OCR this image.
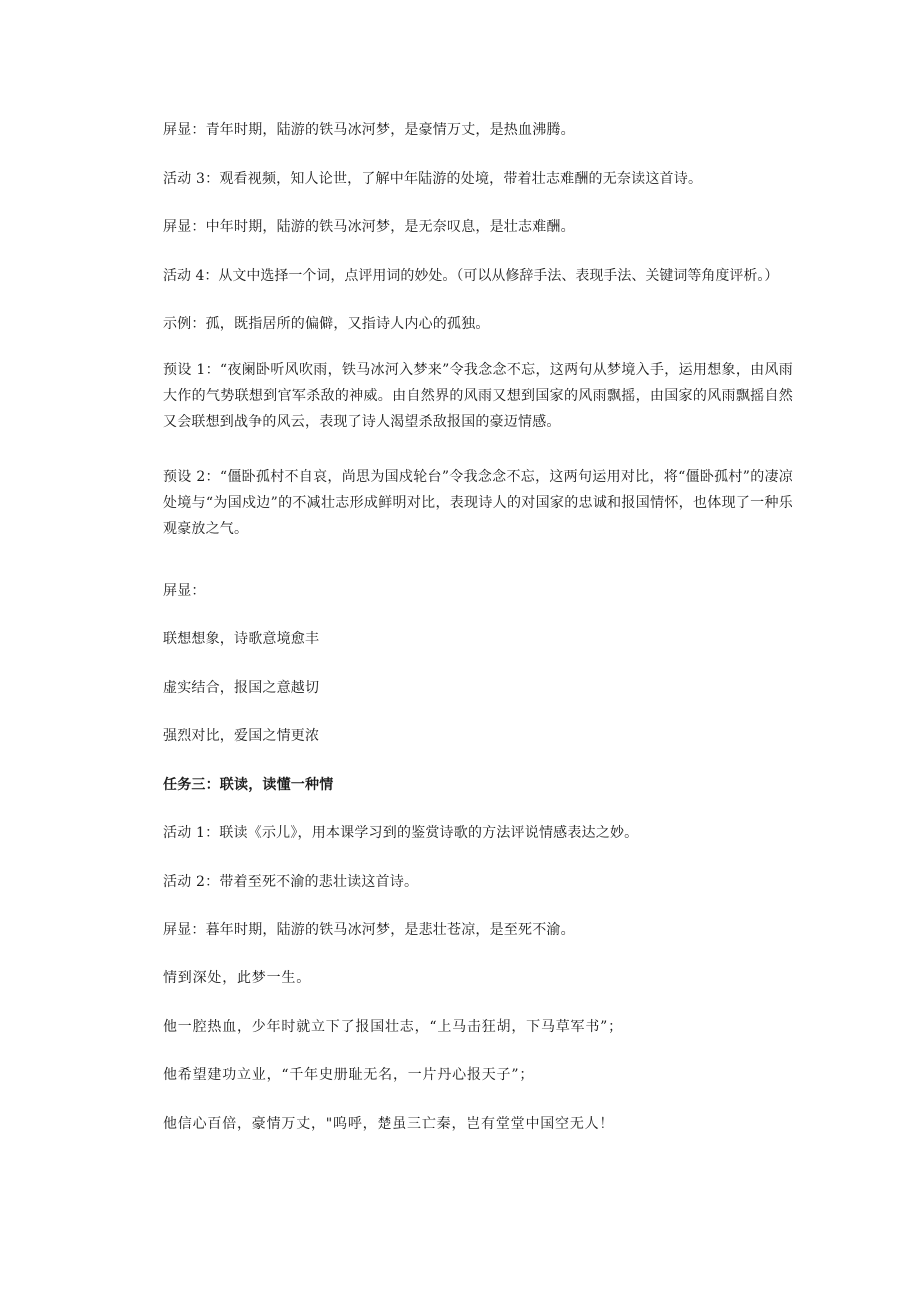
屏显：青年时期，陆游的铁马冰河梦，是豪情万丈，是热血沸腾。
活动 3：观看视频，知人论世，了解中年陆游的处境，带着壮志难酬的无奈读这首诗。
屏显：中年时期，陆游的铁马冰河梦，是无奈叹息，是壮志难酬。
活动 4：从文中选择一个词，点评用词的妙处。（可以从修辞手法、表现手法、关键词等角度评析。）
示例：孤，既指居所的偏僻，又指诗人内心的孤独。
预设 1：“夜阑卧听风吹雨，铁马冰河入梦来”令我念念不忘，这两句从梦境入手，运用想象，由风雨大作的气势联想到官军杀敌的神威。由自然界的风雨又想到国家的风雨飘摇，由国家的风雨飘摇自然又会联想到战争的风云，表现了诗人渴望杀敌报国的豪迈情感。
预设 2：“僵卧孤村不自哀，尚思为国戍轮台”令我念念不忘，这两句运用对比，将“僵卧孤村”的凄凉处境与“为国戍边”的不减壮志形成鲜明对比，表现诗人的对国家的忠诚和报国情怀，也体现了一种乐观豪放之气。
屏显：
联想想象，诗歌意境愈丰
虚实结合，报国之意越切
强烈对比，爱国之情更浓
任务三：联读，读懂一种情
活动 1：联读《示儿》，用本课学习到的鉴赏诗歌的方法评说情感表达之妙。
活动 2：带着至死不渝的悲壮读这首诗。
屏显：暮年时期，陆游的铁马冰河梦，是悲壮苍凉，是至死不渝。
情到深处，此梦一生。
他一腔热血，少年时就立下了报国壮志，“上马击狂胡，下马草军书”；
他希望建功立业，“千年史册耻无名，一片丹心报天子”；
他信心百倍，豪情万丈，"呜呼，楚虽三亡秦，岂有堂堂中国空无人！
